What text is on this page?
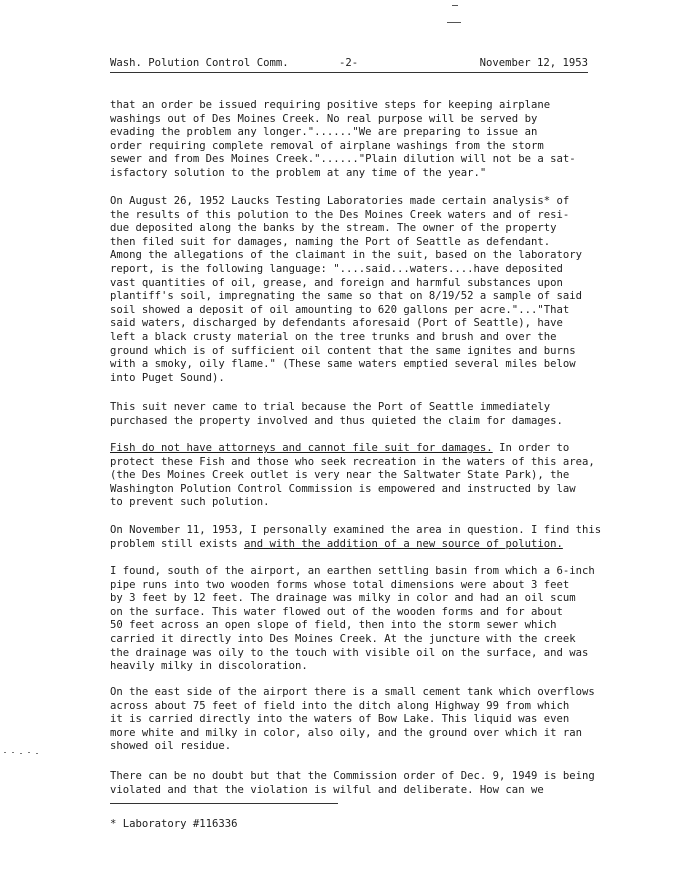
Wash. Polution Control Comm.	-2-	November 12, 1953

that an order be issued requiring positive steps for keeping airplane
washings out of Des Moines Creek. No real purpose will be served by
evading the problem any longer."......"We are preparing to issue an
order requiring complete removal of airplane washings from the storm
sewer and from Des Moines Creek."......"Plain dilution will not be a sat-
isfactory solution to the problem at any time of the year."

On August 26, 1952 Laucks Testing Laboratories made certain analysis* of
the results of this polution to the Des Moines Creek waters and of resi-
due deposited along the banks by the stream. The owner of the property
then filed suit for damages, naming the Port of Seattle as defendant.
Among the allegations of the claimant in the suit, based on the laboratory
report, is the following language: "....said...waters....have deposited
vast quantities of oil, grease, and foreign and harmful substances upon
plantiff's soil, impregnating the same so that on 8/19/52 a sample of said
soil showed a deposit of oil amounting to 620 gallons per acre."..."That
said waters, discharged by defendants aforesaid (Port of Seattle), have
left a black crusty material on the tree trunks and brush and over the
ground which is of sufficient oil content that the same ignites and burns
with a smoky, oily flame." (These same waters emptied several miles below
into Puget Sound).

This suit never came to trial because the Port of Seattle immediately
purchased the property involved and thus quieted the claim for damages.

Fish do not have attorneys and cannot file suit for damages. In order to
protect these Fish and those who seek recreation in the waters of this area,
(the Des Moines Creek outlet is very near the Saltwater State Park), the
Washington Polution Control Commission is empowered and instructed by law
to prevent such polution.

On November 11, 1953, I personally examined the area in question. I find this problem still exists and with the addition of a new source of polution.

I found, south of the airport, an earthen settling basin from which a 6-inch
pipe runs into two wooden forms whose total dimensions were about 3 feet
by 3 feet by 12 feet. The drainage was milky in color and had an oil scum
on the surface. This water flowed out of the wooden forms and for about
50 feet across an open slope of field, then into the storm sewer which
carried it directly into Des Moines Creek. At the juncture with the creek
the drainage was oily to the touch with visible oil on the surface, and was
heavily milky in discoloration.

On the east side of the airport there is a small cement tank which overflows
across about 75 feet of field into the ditch along Highway 99 from which
it is carried directly into the waters of Bow Lake. This liquid was even
more white and milky in color, also oily, and the ground over which it ran
showed oil residue.

There can be no doubt but that the Commission order of Dec. 9, 1949 is being
violated and that the violation is wilful and deliberate. How can we

* Laboratory #116336
